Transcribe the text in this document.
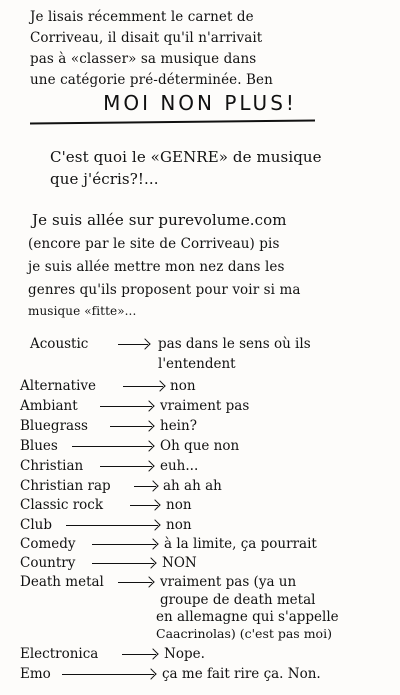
Je lisais récemment le carnet de
Corriveau, il disait qu'il n'arrivait
pas à «classer» sa musique dans
une catégorie pré-déterminée. Ben
MOI NON PLUS!
C'est quoi le «GENRE» de musique
que j'écris?!...
Je suis allée sur purevolume.com
(encore par le site de Corriveau) pis
je suis allée mettre mon nez dans les
genres qu'ils proposent pour voir si ma
musique «fitte»...
Acoustic	pas dans le sens où ils
l'entendent
Alternative	non
Ambiant	vraiment pas
Bluegrass	hein?
Blues	Oh que non
Christian	euh...
Christian rap	ah ah ah
Classic rock	non
Club	non
Comedy	à la limite, ça pourrait
Country	NON
Death metal	vraiment pas (ya un
groupe de death metal
en allemagne qui s'appelle
Caacrinolas) (c'est pas moi)
Electronica	Nope.
Emo	ça me fait rire ça. Non.
